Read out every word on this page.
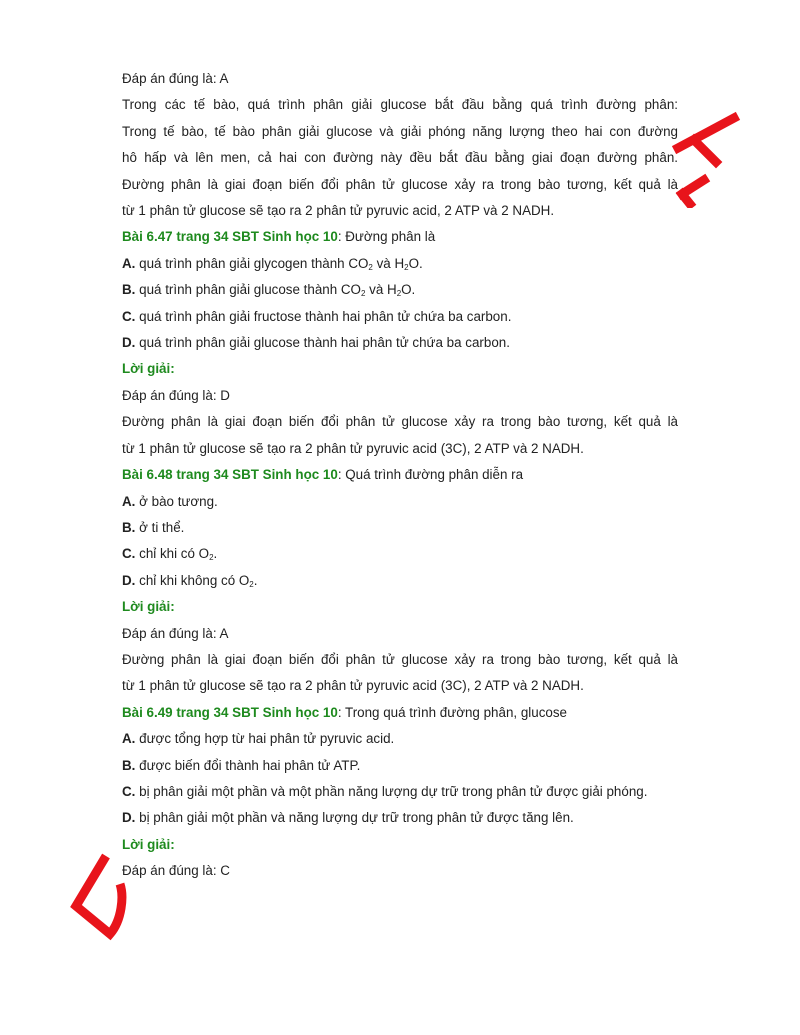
Đáp án đúng là: A
Trong các tế bào, quá trình phân giải glucose bắt đầu bằng quá trình đường phân:
Trong tế bào, tế bào phân giải glucose và giải phóng năng lượng theo hai con đường
hô hấp và lên men, cả hai con đường này đều bắt đầu bằng giai đoạn đường phân.
Đường phân là giai đoạn biến đổi phân tử glucose xảy ra trong bào tương, kết quả là
từ 1 phân tử glucose sẽ tạo ra 2 phân tử pyruvic acid, 2 ATP và 2 NADH.
Bài 6.47 trang 34 SBT Sinh học 10: Đường phân là
A. quá trình phân giải glycogen thành $CO_2$ và $H_2O$.
B. quá trình phân giải glucose thành $CO_2$ và $H_2O$.
C. quá trình phân giải fructose thành hai phân tử chứa ba carbon.
D. quá trình phân giải glucose thành hai phân tử chứa ba carbon.
Lời giải:
Đáp án đúng là: D
Đường phân là giai đoạn biến đổi phân tử glucose xảy ra trong bào tương, kết quả là
từ 1 phân tử glucose sẽ tạo ra 2 phân tử pyruvic acid (3C), 2 ATP và 2 NADH.
Bài 6.48 trang 34 SBT Sinh học 10: Quá trình đường phân diễn ra
A. ở bào tương.
B. ở ti thể.
C. chỉ khi có $O_2$.
D. chỉ khi không có $O_2$.
Lời giải:
Đáp án đúng là: A
Đường phân là giai đoạn biến đổi phân tử glucose xảy ra trong bào tương, kết quả là
từ 1 phân tử glucose sẽ tạo ra 2 phân tử pyruvic acid (3C), 2 ATP và 2 NADH.
Bài 6.49 trang 34 SBT Sinh học 10: Trong quá trình đường phân, glucose
A. được tổng hợp từ hai phân tử pyruvic acid.
B. được biến đổi thành hai phân tử ATP.
C. bị phân giải một phần và một phần năng lượng dự trữ trong phân tử được giải phóng.
D. bị phân giải một phần và năng lượng dự trữ trong phân tử được tăng lên.
Lời giải:
Đáp án đúng là: C
